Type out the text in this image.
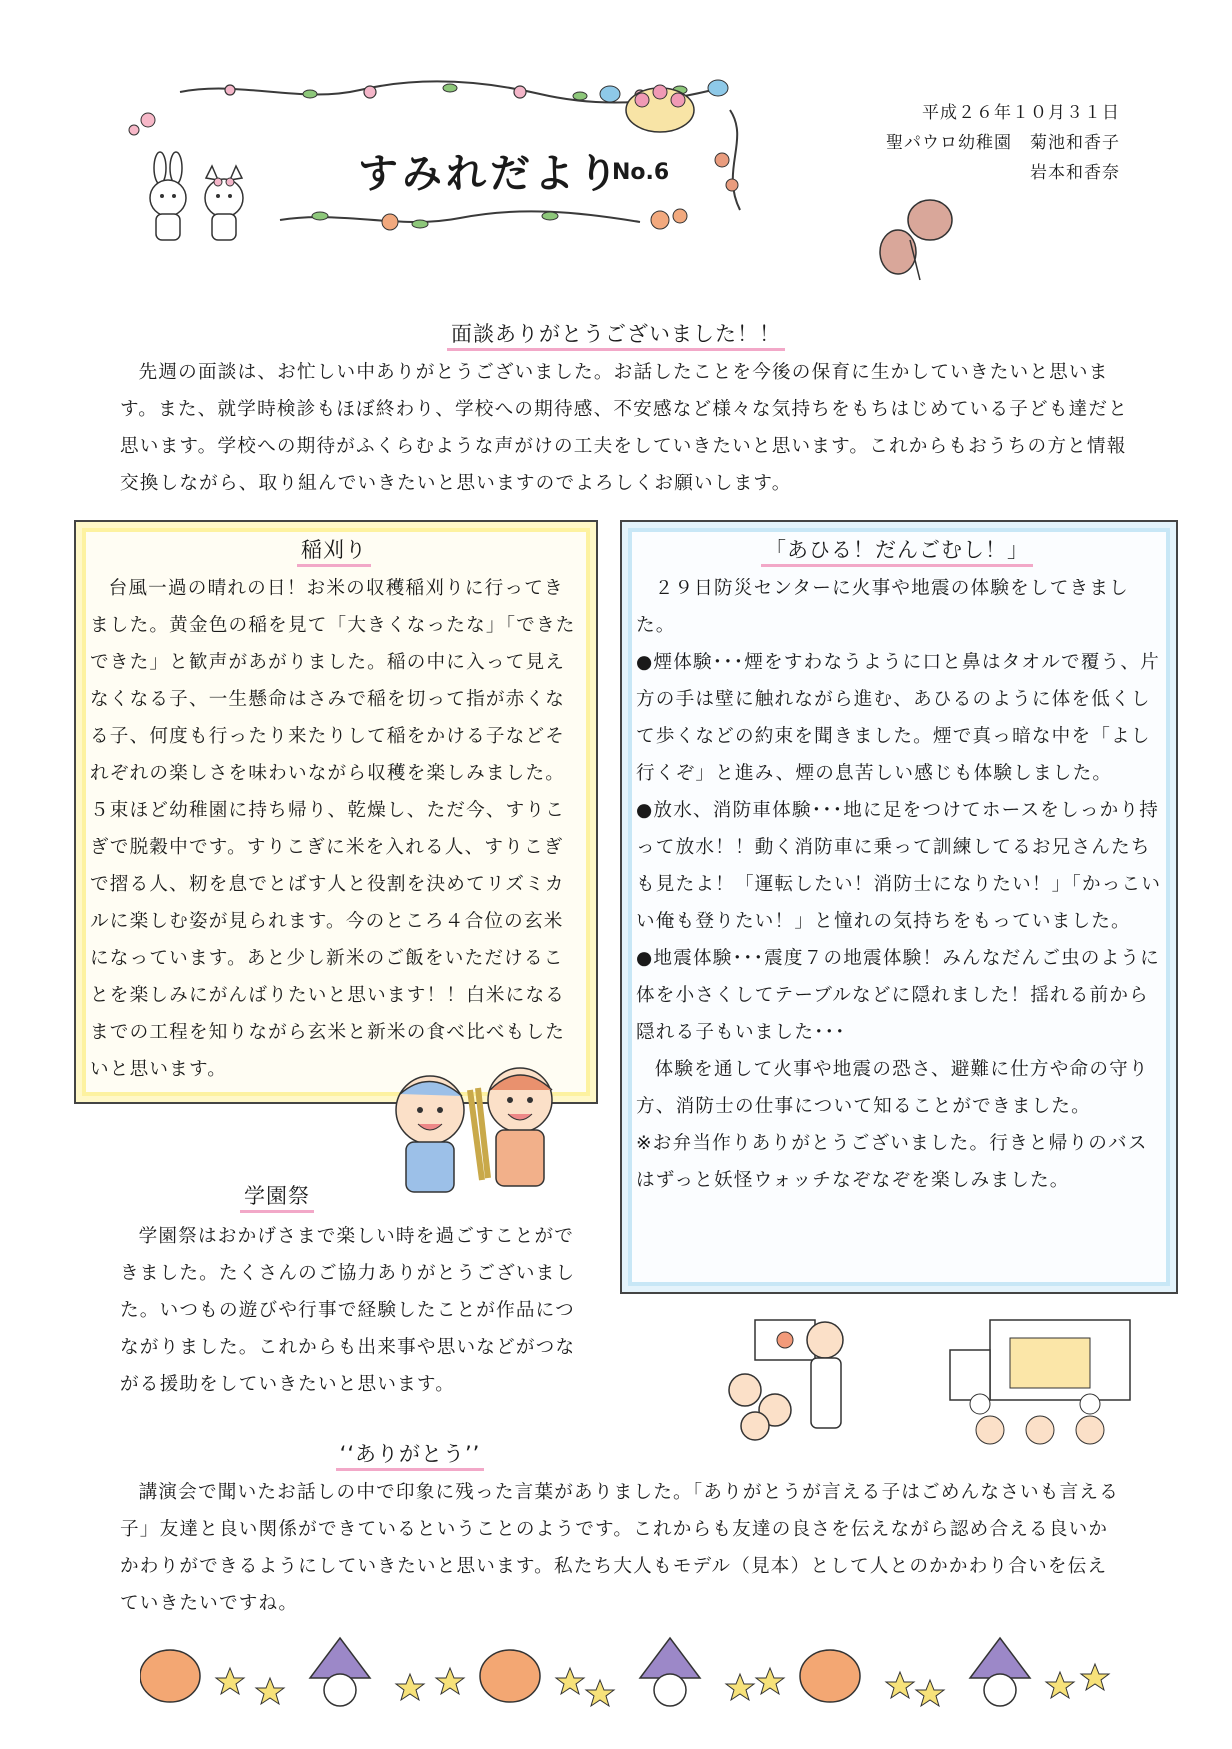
すみれだより
No.6
平成２６年１０月３１日
聖パウロ幼稚園　菊池和香子
岩本和香奈
面談ありがとうございました！！

先週の面談は、お忙しい中ありがとうございました。お話したことを今後の保育に生かしていきたいと思います。また、就学時検診もほぼ終わり、学校への期待感、不安感など様々な気持ちをもちはじめている子ども達だと思います。学校への期待がふくらむような声がけの工夫をしていきたいと思います。これからもおうちの方と情報交換しながら、取り組んでいきたいと思いますのでよろしくお願いします。

稲刈り

台風一過の晴れの日！お米の収穫稲刈りに行ってきました。黄金色の稲を見て「大きくなったな」「できたできた」と歓声があがりました。稲の中に入って見えなくなる子、一生懸命はさみで稲を切って指が赤くなる子、何度も行ったり来たりして稲をかける子などそれぞれの楽しさを味わいながら収穫を楽しみました。５束ほど幼稚園に持ち帰り、乾燥し、ただ今、すりこぎで脱穀中です。すりこぎに米を入れる人、すりこぎで摺る人、籾を息でとばす人と役割を決めてリズミカルに楽しむ姿が見られます。今のところ４合位の玄米になっています。あと少し新米のご飯をいただけることを楽しみにがんばりたいと思います！！白米になるまでの工程を知りながら玄米と新米の食べ比べもしたいと思います。

学園祭

学園祭はおかげさまで楽しい時を過ごすことができました。たくさんのご協力ありがとうございました。いつもの遊びや行事で経験したことが作品につながりました。これからも出来事や思いなどがつながる援助をしていきたいと思います。

「あひる！だんごむし！」

２９日防災センターに火事や地震の体験をしてきました。

●煙体験･･･煙をすわなうように口と鼻はタオルで覆う、片方の手は壁に触れながら進む、あひるのように体を低くして歩くなどの約束を聞きました。煙で真っ暗な中を「よし行くぞ」と進み、煙の息苦しい感じも体験しました。

●放水、消防車体験･･･地に足をつけてホースをしっかり持って放水！！動く消防車に乗って訓練してるお兄さんたちも見たよ！「運転したい！消防士になりたい！」「かっこいい俺も登りたい！」と憧れの気持ちをもっていました。

●地震体験･･･震度７の地震体験！みんなだんご虫のように体を小さくしてテーブルなどに隠れました！揺れる前から隠れる子もいました･･･

体験を通して火事や地震の恐さ、避難に仕方や命の守り方、消防士の仕事について知ることができました。

※お弁当作りありがとうございました。行きと帰りのバスはずっと妖怪ウォッチなぞなぞを楽しみました。

‘‘ありがとう’’

講演会で聞いたお話しの中で印象に残った言葉がありました。「ありがとうが言える子はごめんなさいも言える子」友達と良い関係ができているということのようです。これからも友達の良さを伝えながら認め合える良いかかわりができるようにしていきたいと思います。私たち大人もモデル（見本）として人とのかかわり合いを伝えていきたいですね。
